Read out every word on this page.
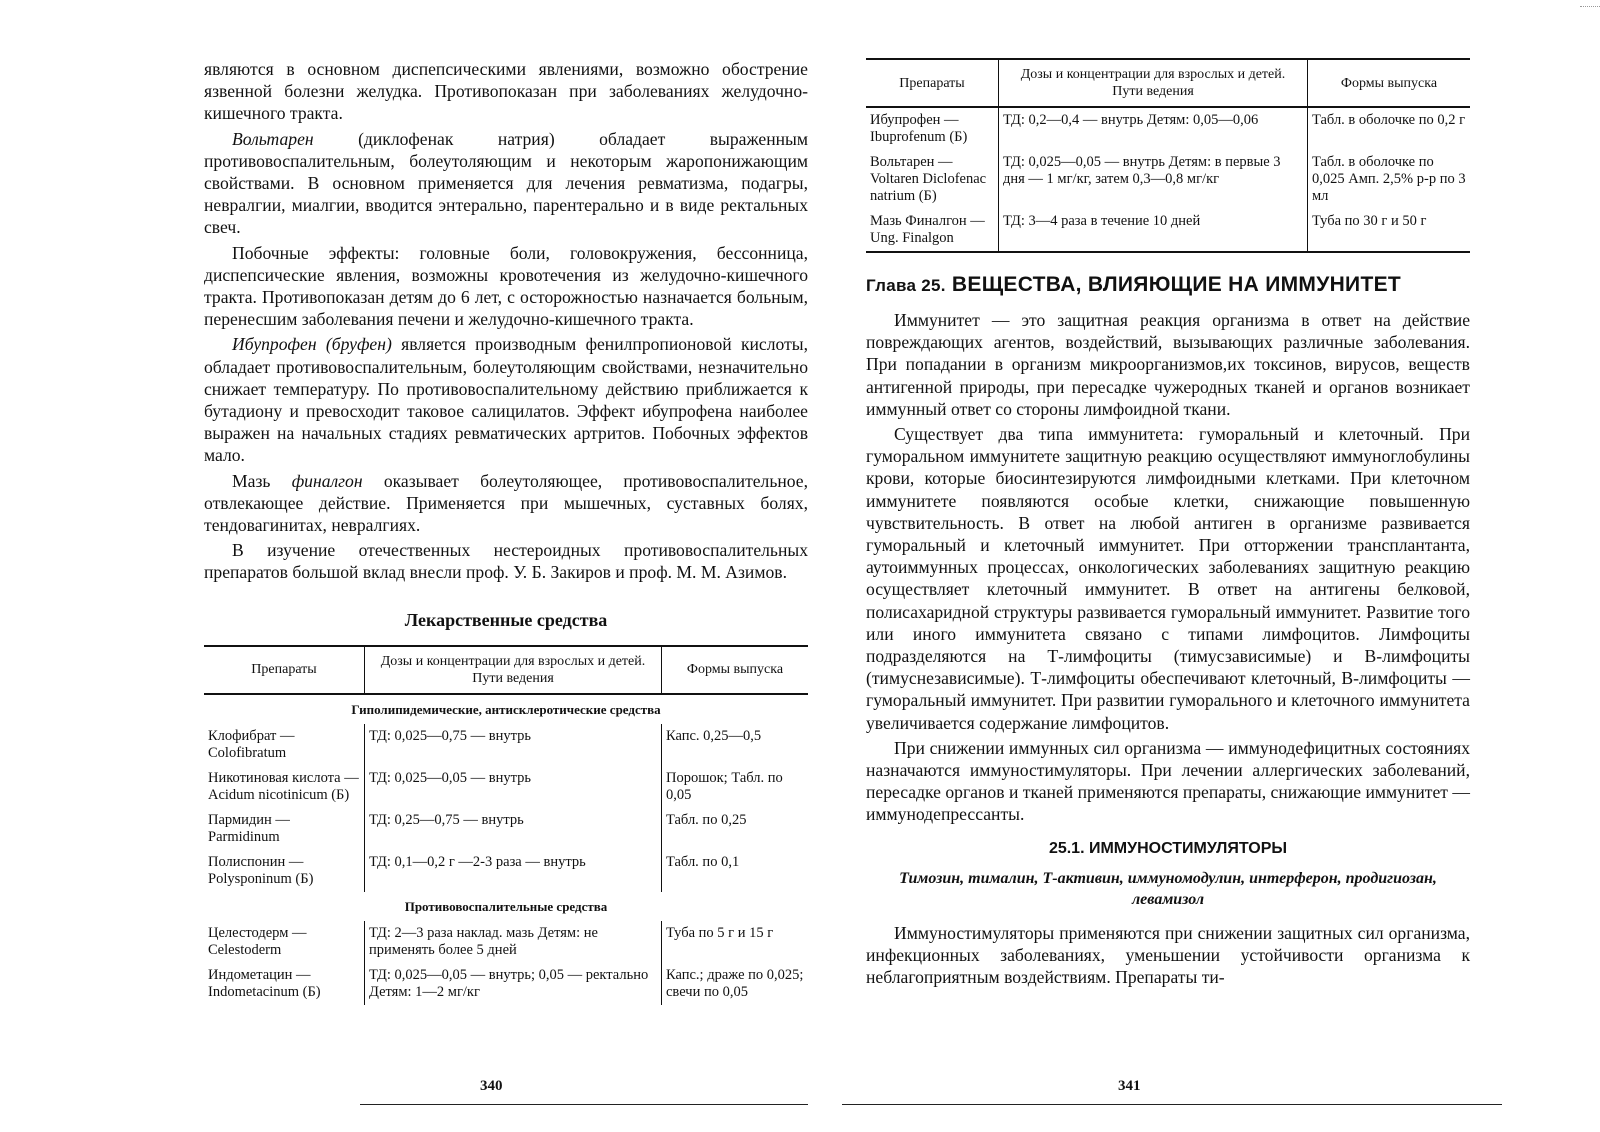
являются в основном диспепсическими явлениями, возможно обострение язвенной болезни желудка. Противопоказан при заболеваниях желудочно-кишечного тракта.

Вольтарен	(диклофенак натрия) обладает выраженным противовоспалительным, болеутоляющим и некоторым жаропонижающим свойствами. В основном применяется для лечения ревматизма, подагры, невралгии, миалгии, вводится энтерально, парентерально и в виде ректальных свеч.

Побочные эффекты: головные боли, головокружения, бессонница, диспепсические явления, возможны кровотечения из желудочно-кишечного тракта. Противопоказан детям до 6 лет, с осторожностью назначается больным, перенесшим заболевания печени и желудочно-кишечного тракта.

Ибупрофен (бруфен) является производным фенилпропионовой кислоты, обладает противовоспалительным, болеутоляющим свойствами, незначительно снижает температуру. По противовоспалительному действию приближается к бутадиону и превосходит таковое салицилатов. Эффект ибупрофена наиболее выражен на начальных стадиях ревматических артритов. Побочных эффектов мало.

Мазь финалгон оказывает болеутоляющее, противовоспалительное, отвлекающее действие. Применяется при мышечных, суставных болях, тендовагинитах, невралгиях.

В изучение отечественных нестероидных противовоспалительных препаратов большой вклад внесли проф. У. Б. Закиров и проф. М. М. Азимов.

Лекарственные средства
Препараты	Дозы и концентрации для взрослых и детей. Пути ведения	Формы выпуска
Гиполипидемические, антисклеротические средства		
Клофибрат — Colofibratum	ТД: 0,025—0,75 — внутрь	Капс. 0,25—0,5
Никотиновая кислота — Acidum nicotinicum (Б)	ТД: 0,025—0,05 — внутрь	Порошок; Табл. по 0,05
Пармидин — Parmidinum	ТД: 0,25—0,75 — внутрь	Табл. по 0,25
Полиспонин — Polysponinum (Б)	ТД: 0,1—0,2 г —2-3 раза — внутрь	Табл. по 0,1
Противовоспалительные средства		
Целестодерм — Celestoderm	ТД: 2—3 раза наклад. мазь Детям: не применять более 5 дней	Туба по 5 г и 15 г
Индометацин — Indometacinum (Б)	ТД: 0,025—0,05 — внутрь; 0,05 — ректально Детям: 1—2 мг/кг	Капс.; драже по 0,025; свечи по 0,05
Препараты	Дозы и концентрации для взрослых и детей. Пути ведения	Формы выпуска
Ибупрофен — Ibuprofenum (Б)	ТД: 0,2—0,4 — внутрь Детям: 0,05—0,06	Табл. в оболочке по 0,2 г
Вольтарен — Voltaren Diclofenac natrium (Б)	ТД: 0,025—0,05 — внутрь Детям: в первые 3 дня — 1 мг/кг, затем 0,3—0,8 мг/кг	Табл. в оболочке по 0,025 Амп. 2,5% р-р по 3 мл
Мазь Финалгон — Ung. Finalgon	ТД: 3—4 раза в течение 10 дней	Туба по 30 г и 50 г
Глава 25. ВЕЩЕСТВА, ВЛИЯЮЩИЕ НА ИММУНИТЕТ

Иммунитет — это защитная реакция организма в ответ на действие повреждающих агентов, воздействий, вызывающих различные заболевания. При попадании в организм микроорганизмов,их токсинов, вирусов, веществ антигенной природы, при пересадке чужеродных тканей и органов возникает иммунный ответ со стороны лимфоидной ткани.

Существует два типа иммунитета: гуморальный и клеточный. При гуморальном иммунитете защитную реакцию осуществляют иммуноглобулины крови, которые биосинтезируются лимфоидными клетками. При клеточном иммунитете появляются особые клетки, снижающие повышенную чувствительность. В ответ на любой антиген в организме развивается гуморальный и клеточный иммунитет. При отторжении трансплантанта, аутоиммунных процессах, онкологических заболеваниях защитную реакцию осуществляет клеточный иммунитет. В ответ на антигены белковой, полисахаридной структуры развивается гуморальный иммунитет. Развитие того или иного иммунитета связано с типами лимфоцитов. Лимфоциты подразделяются на Т-лимфоциты (тимусзависимые) и В-лимфоциты (тимуснезависимые). Т-лимфоциты обеспечивают клеточный, В-лимфоциты — гуморальный иммунитет. При развитии гуморального и клеточного иммунитета увеличивается содержание лимфоцитов.

При снижении иммунных сил организма — иммунодефицитных состояниях назначаются иммуностимуляторы. При лечении аллергических заболеваний, пересадке органов и тканей применяются препараты, снижающие иммунитет — иммунодепрессанты.

25.1. ИММУНОСТИМУЛЯТОРЫ
Тимозин, тималин, Т-активин, иммуномодулин, интерферон, продигиозан, левамизол

Иммуностимуляторы применяются при снижении защитных сил организма, инфекционных заболеваниях, уменьшении устойчивости организма к неблагоприятным воздействиям. Препараты ти-

340	341
